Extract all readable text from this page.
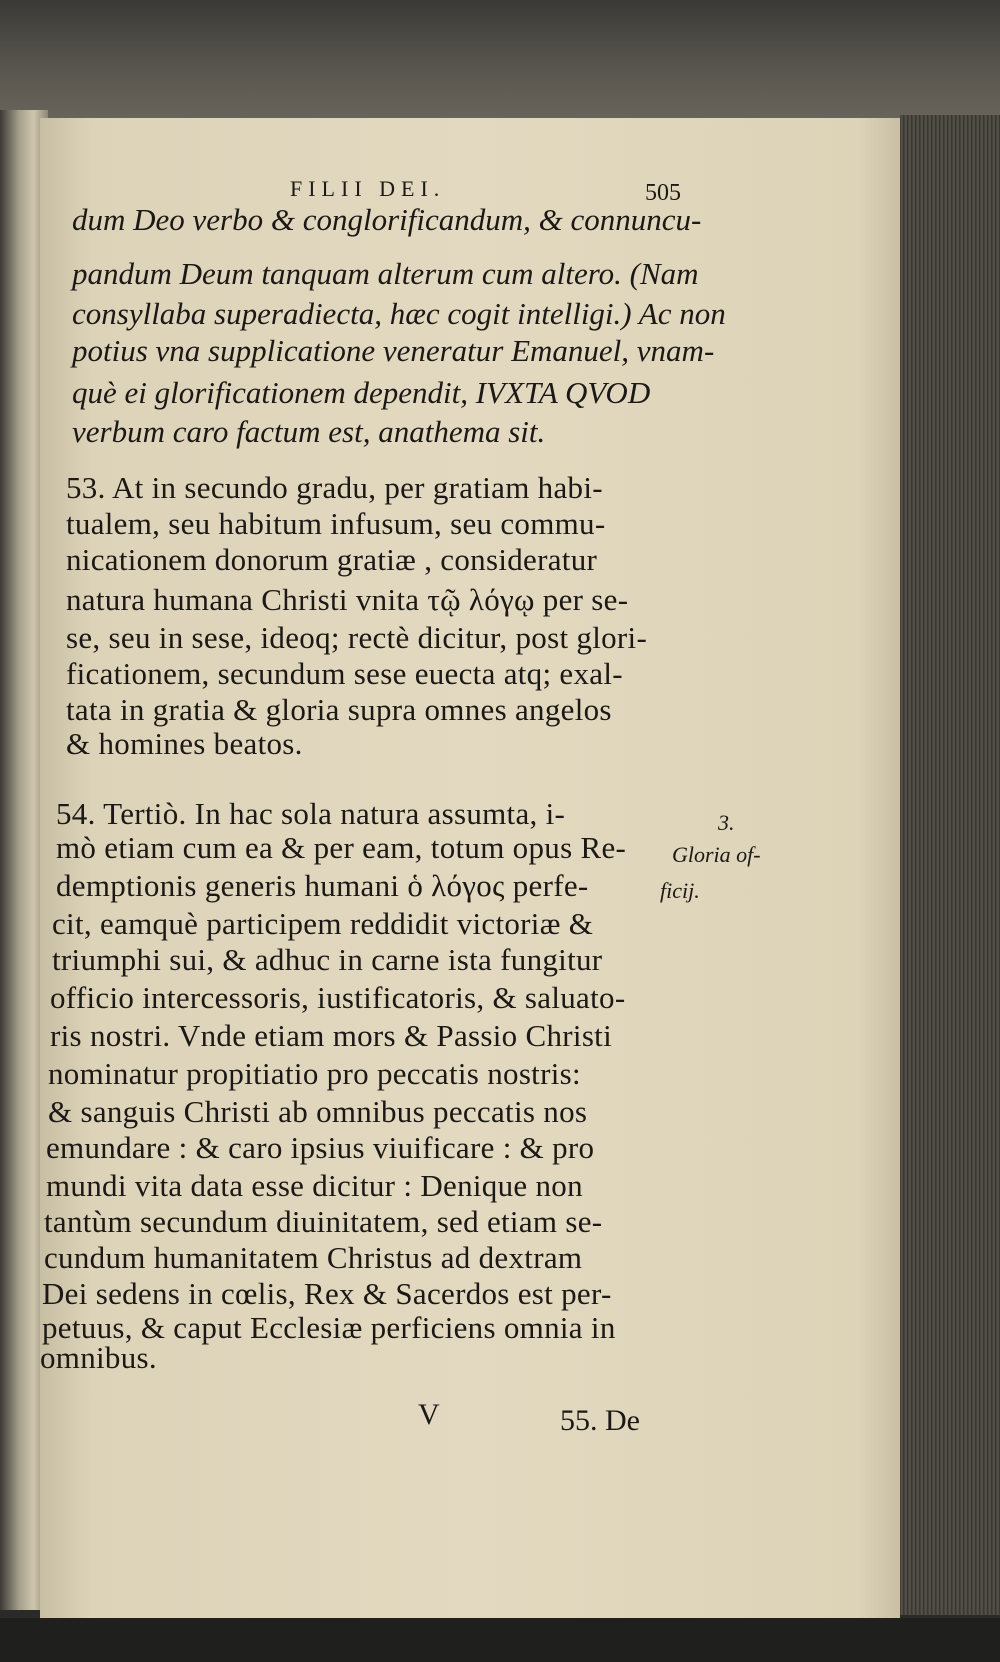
FILII DEI.	505
dum Deo verbo & conglorificandum, & connuncu-
pandum Deum tanquam alterum cum altero. (Nam
consyllaba superadiecta, hæc cogit intelligi.) Ac non
potius vna supplicatione veneratur Emanuel, vnam-
què ei glorificationem dependit, IVXTA QVOD
verbum caro factum est, anathema sit.
53. At in secundo gradu, per gratiam habi-
tualem, seu habitum infusum, seu commu-
nicationem donorum gratiæ , consideratur
natura humana Christi vnita τῷ λόγῳ per se-
se, seu in sese, ideoq; rectè dicitur, post glori-
ficationem, secundum sese euecta atq; exal-
tata in gratia & gloria supra omnes angelos
& homines beatos.
54. Tertiò. In hac sola natura assumta, i-
mò etiam cum ea & per eam, totum opus Re-
demptionis generis humani ὁ λόγος perfe-
cit, eamquè participem reddidit victoriæ &
triumphi sui, & adhuc in carne ista fungitur
officio intercessoris, iustificatoris, & saluato-
ris nostri. Vnde etiam mors & Passio Christi
nominatur propitiatio pro peccatis nostris:
& sanguis Christi ab omnibus peccatis nos
emundare : & caro ipsius viuificare : & pro
mundi vita data esse dicitur : Denique non
tantùm secundum diuinitatem, sed etiam se-
cundum humanitatem Christus ad dextram
Dei sedens in cœlis, Rex & Sacerdos est per-
petuus, & caput Ecclesiæ perficiens omnia in
omnibus.
3.
Gloria of-
ficij.
V	55. De
